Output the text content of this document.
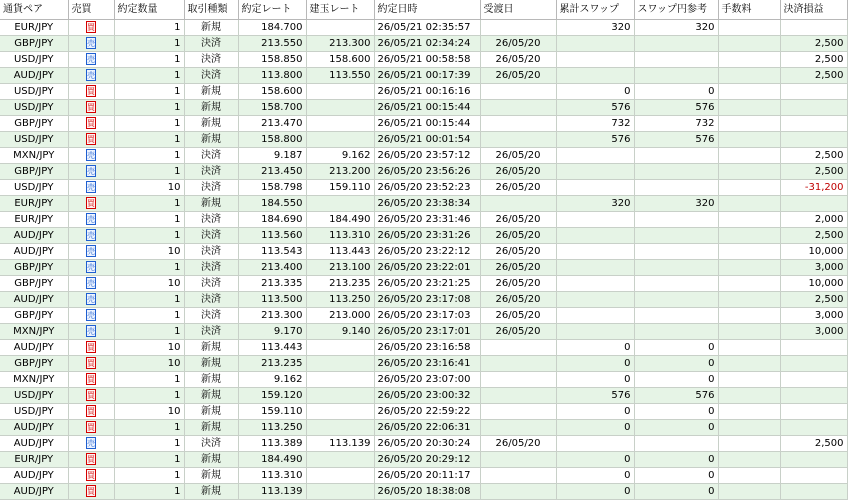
通貨ペア	売買	約定数量	取引種類	約定レート	建玉レート	約定日時	受渡日	累計スワップ	スワップ円参考	手数料	決済損益
EUR/JPY	買	1	新規	184.700		26/05/21 02:35:57		320	320		
GBP/JPY	売	1	決済	213.550	213.300	26/05/21 02:34:24	26/05/20				2,500
USD/JPY	売	1	決済	158.850	158.600	26/05/21 00:58:58	26/05/20				2,500
AUD/JPY	売	1	決済	113.800	113.550	26/05/21 00:17:39	26/05/20				2,500
USD/JPY	買	1	新規	158.600		26/05/21 00:16:16		0	0		
USD/JPY	買	1	新規	158.700		26/05/21 00:15:44		576	576		
GBP/JPY	買	1	新規	213.470		26/05/21 00:15:44		732	732		
USD/JPY	買	1	新規	158.800		26/05/21 00:01:54		576	576		
MXN/JPY	売	1	決済	9.187	9.162	26/05/20 23:57:12	26/05/20				2,500
GBP/JPY	売	1	決済	213.450	213.200	26/05/20 23:56:26	26/05/20				2,500
USD/JPY	売	10	決済	158.798	159.110	26/05/20 23:52:23	26/05/20				-31,200
EUR/JPY	買	1	新規	184.550		26/05/20 23:38:34		320	320		
EUR/JPY	売	1	決済	184.690	184.490	26/05/20 23:31:46	26/05/20				2,000
AUD/JPY	売	1	決済	113.560	113.310	26/05/20 23:31:26	26/05/20				2,500
AUD/JPY	売	10	決済	113.543	113.443	26/05/20 23:22:12	26/05/20				10,000
GBP/JPY	売	1	決済	213.400	213.100	26/05/20 23:22:01	26/05/20				3,000
GBP/JPY	売	10	決済	213.335	213.235	26/05/20 23:21:25	26/05/20				10,000
AUD/JPY	売	1	決済	113.500	113.250	26/05/20 23:17:08	26/05/20				2,500
GBP/JPY	売	1	決済	213.300	213.000	26/05/20 23:17:03	26/05/20				3,000
MXN/JPY	売	1	決済	9.170	9.140	26/05/20 23:17:01	26/05/20				3,000
AUD/JPY	買	10	新規	113.443		26/05/20 23:16:58		0	0		
GBP/JPY	買	10	新規	213.235		26/05/20 23:16:41		0	0		
MXN/JPY	買	1	新規	9.162		26/05/20 23:07:00		0	0		
USD/JPY	買	1	新規	159.120		26/05/20 23:00:32		576	576		
USD/JPY	買	10	新規	159.110		26/05/20 22:59:22		0	0		
AUD/JPY	買	1	新規	113.250		26/05/20 22:06:31		0	0		
AUD/JPY	売	1	決済	113.389	113.139	26/05/20 20:30:24	26/05/20				2,500
EUR/JPY	買	1	新規	184.490		26/05/20 20:29:12		0	0		
AUD/JPY	買	1	新規	113.310		26/05/20 20:11:17		0	0		
AUD/JPY	買	1	新規	113.139		26/05/20 18:38:08		0	0		
